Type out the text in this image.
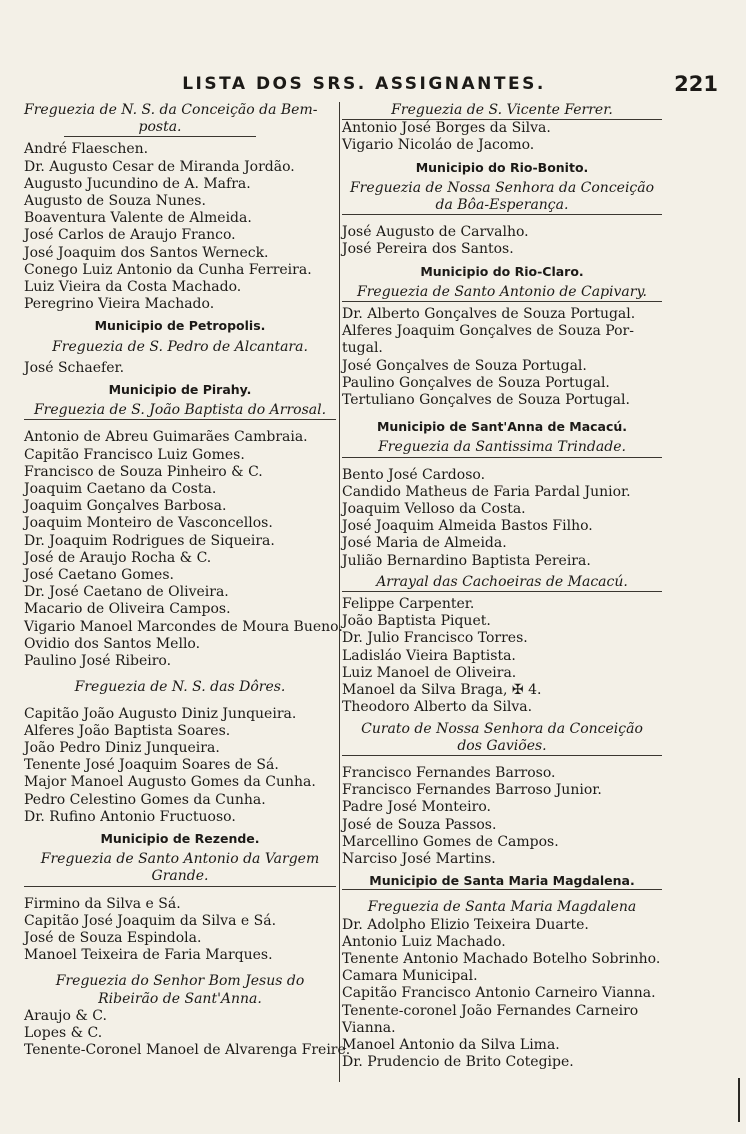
LISTA DOS SRS. ASSIGNANTES.	221
Freguezia de N. S. da Conceição da Bem-
posta.
André Flaeschen.
Dr. Augusto Cesar de Miranda Jordão.
Augusto Jucundino de A. Mafra.
Augusto de Souza Nunes.
Boaventura Valente de Almeida.
José Carlos de Araujo Franco.
José Joaquim dos Santos Werneck.
Conego Luiz Antonio da Cunha Ferreira.
Luiz Vieira da Costa Machado.
Peregrino Vieira Machado.
Municipio de Petropolis.
Freguezia de S. Pedro de Alcantara.
José Schaefer.
Municipio de Pirahy.
Freguezia de S. João Baptista do Arrosal.
Antonio de Abreu Guimarães Cambraia.
Capitão Francisco Luiz Gomes.
Francisco de Souza Pinheiro & C.
Joaquim Caetano da Costa.
Joaquim Gonçalves Barbosa.
Joaquim Monteiro de Vasconcellos.
Dr. Joaquim Rodrigues de Siqueira.
José de Araujo Rocha & C.
José Caetano Gomes.
Dr. José Caetano de Oliveira.
Macario de Oliveira Campos.
Vigario Manoel Marcondes de Moura Bueno.
Ovidio dos Santos Mello.
Paulino José Ribeiro.
Freguezia de N. S. das Dôres.
Capitão João Augusto Diniz Junqueira.
Alferes João Baptista Soares.
João Pedro Diniz Junqueira.
Tenente José Joaquim Soares de Sá.
Major Manoel Augusto Gomes da Cunha.
Pedro Celestino Gomes da Cunha.
Dr. Rufino Antonio Fructuoso.
Municipio de Rezende.
Freguezia de Santo Antonio da Vargem
Grande.
Firmino da Silva e Sá.
Capitão José Joaquim da Silva e Sá.
José de Souza Espindola.
Manoel Teixeira de Faria Marques.
Freguezia do Senhor Bom Jesus do
Ribeirão de Sant'Anna.
Araujo & C.
Lopes & C.
Tenente-Coronel Manoel de Alvarenga Freire.
Freguezia de S. Vicente Ferrer.
Antonio José Borges da Silva.
Vigario Nicoláo de Jacomo.
Municipio do Rio-Bonito.
Freguezia de Nossa Senhora da Conceição
da Bôa-Esperança.
José Augusto de Carvalho.
José Pereira dos Santos.
Municipio do Rio-Claro.
Freguezia de Santo Antonio de Capivary.
Dr. Alberto Gonçalves de Souza Portugal.
Alferes Joaquim Gonçalves de Souza Por-
tugal.
José Gonçalves de Souza Portugal.
Paulino Gonçalves de Souza Portugal.
Tertuliano Gonçalves de Souza Portugal.
Municipio de Sant'Anna de Macacú.
Freguezia da Santissima Trindade.
Bento José Cardoso.
Candido Matheus de Faria Pardal Junior.
Joaquim Velloso da Costa.
José Joaquim Almeida Bastos Filho.
José Maria de Almeida.
Julião Bernardino Baptista Pereira.
Arrayal das Cachoeiras de Macacú.
Felippe Carpenter.
João Baptista Piquet.
Dr. Julio Francisco Torres.
Ladisláo Vieira Baptista.
Luiz Manoel de Oliveira.
Manoel da Silva Braga, ✠ 4.
Theodoro Alberto da Silva.
Curato de Nossa Senhora da Conceição
dos Gaviões.
Francisco Fernandes Barroso.
Francisco Fernandes Barroso Junior.
Padre José Monteiro.
José de Souza Passos.
Marcellino Gomes de Campos.
Narciso José Martins.
Municipio de Santa Maria Magdalena.
Freguezia de Santa Maria Magdalena
Dr. Adolpho Elizio Teixeira Duarte.
Antonio Luiz Machado.
Tenente Antonio Machado Botelho Sobrinho.
Camara Municipal.
Capitão Francisco Antonio Carneiro Vianna.
Tenente-coronel João Fernandes Carneiro
Vianna.
Manoel Antonio da Silva Lima.
Dr. Prudencio de Brito Cotegipe.
